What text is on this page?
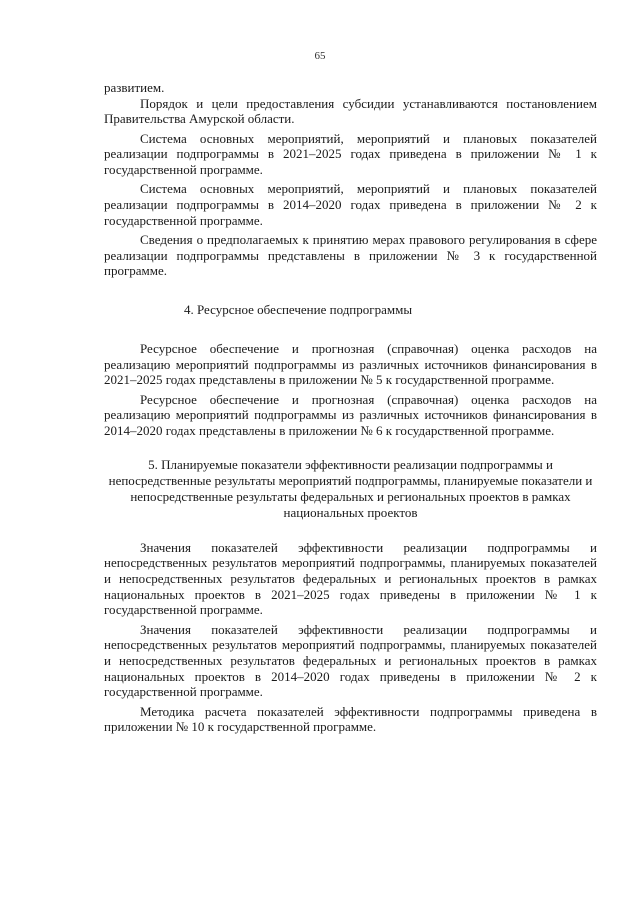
65

развитием.

Порядок и цели предоставления субсидии устанавливаются постановлением Правительства Амурской области.

Система основных мероприятий, мероприятий и плановых показателей реализации подпрограммы в 2021–2025 годах приведена в приложении № 1 к государственной программе.

Система основных мероприятий, мероприятий и плановых показателей реализации подпрограммы в 2014–2020 годах приведена в приложении № 2 к государственной программе.

Сведения о предполагаемых к принятию мерах правового регулирования в сфере реализации подпрограммы представлены в приложении № 3 к государственной программе.

4. Ресурсное обеспечение подпрограммы

Ресурсное обеспечение и прогнозная (справочная) оценка расходов на реализацию мероприятий подпрограммы из различных источников финансирования в 2021–2025 годах представлены в приложении № 5 к государственной программе.

Ресурсное обеспечение и прогнозная (справочная) оценка расходов на реализацию мероприятий подпрограммы из различных источников финансирования в 2014–2020 годах представлены в приложении № 6 к государственной программе.

5. Планируемые показатели эффективности реализации подпрограммы и непосредственные результаты мероприятий подпрограммы, планируемые показатели и непосредственные результаты федеральных и региональных проектов в рамках национальных проектов

Значения показателей эффективности реализации подпрограммы и непосредственных результатов мероприятий подпрограммы, планируемых показателей и непосредственных результатов федеральных и региональных проектов в рамках национальных проектов в 2021–2025 годах приведены в приложении № 1 к государственной программе.

Значения показателей эффективности реализации подпрограммы и непосредственных результатов мероприятий подпрограммы, планируемых показателей и непосредственных результатов федеральных и региональных проектов в рамках национальных проектов в 2014–2020 годах приведены в приложении № 2 к государственной программе.

Методика расчета показателей эффективности подпрограммы приведена в приложении № 10 к государственной программе.
